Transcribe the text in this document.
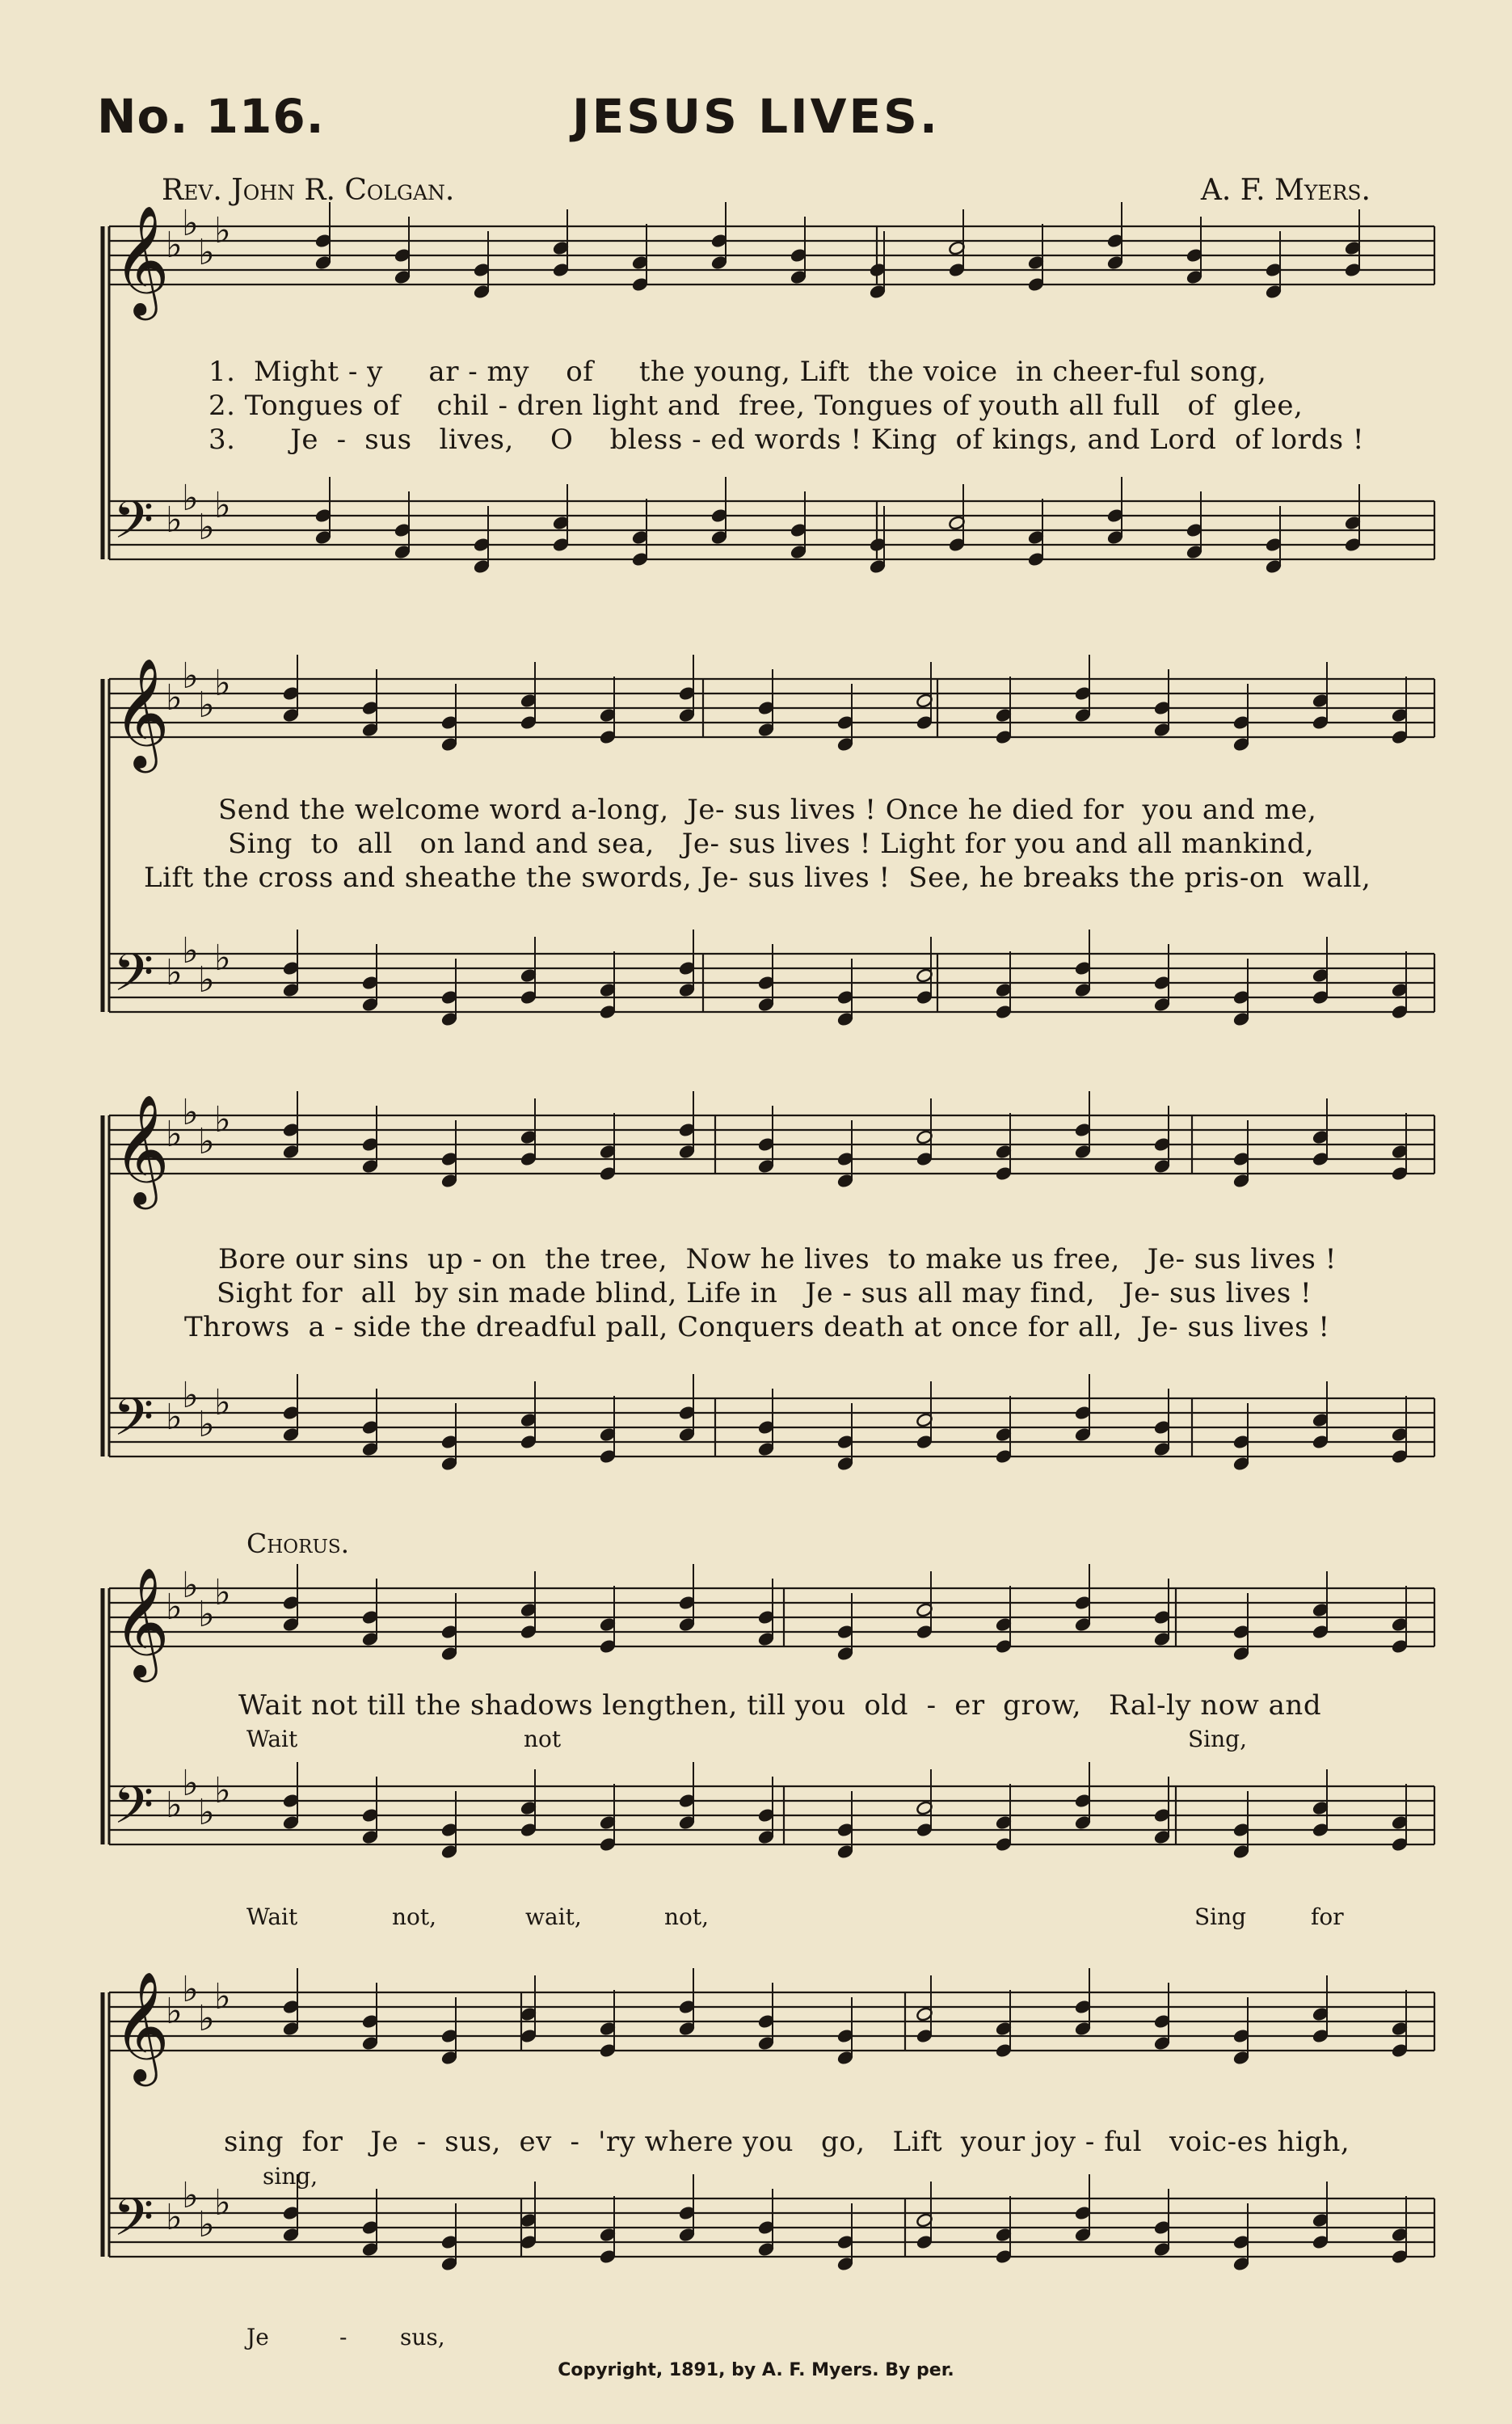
No. 116.	JESUS LIVES.
Rev. John R. Colgan.	A. F. Myers.
𝄞
♭
♭
♭
♭
𝄢 ♭
♭
♭
♭
𝄞
♭
♭
♭
♭
𝄢 ♭
♭
♭
♭
𝄞
♭
♭
♭
♭
𝄢 ♭
♭
♭
♭
𝄞
♭
♭
♭
♭
𝄢 ♭
♭
♭
♭
𝄞
♭
♭
♭
♭
𝄢 ♭
♭
♭
♭
1.  Might - y     ar - my    of     the young, Lift  the voice  in cheer-ful song,
2. Tongues of    chil - dren light and  free, Tongues of youth all full   of  glee,
3.      Je  -  sus   lives,    O    bless - ed words ! King  of kings, and Lord  of lords !
Send the welcome word a-long,  Je- sus lives ! Once he died for  you and me,
Sing  to  all   on land and sea,   Je- sus lives ! Light for you and all mankind,
Lift the cross and sheathe the swords, Je- sus lives !  See, he breaks the pris-on  wall,
Bore our sins  up - on  the tree,  Now he lives  to make us free,   Je- sus lives !
Sight for  all  by sin made blind, Life in   Je - sus all may find,   Je- sus lives !
Throws  a - side the dreadful pall, Conquers death at once for all,  Je- sus lives !
Chorus.
Wait not till the shadows lengthen, till you  old  -  er  grow,   Ral-ly now and
Wait	not	Sing,
Wait	not,	wait,	not,	Sing	for
sing  for   Je  -  sus,  ev  -  'ry where you   go,   Lift  your joy - ful   voic-es high,
sing,
Je	- sus,
Copyright, 1891, by A. F. Myers. By per.
